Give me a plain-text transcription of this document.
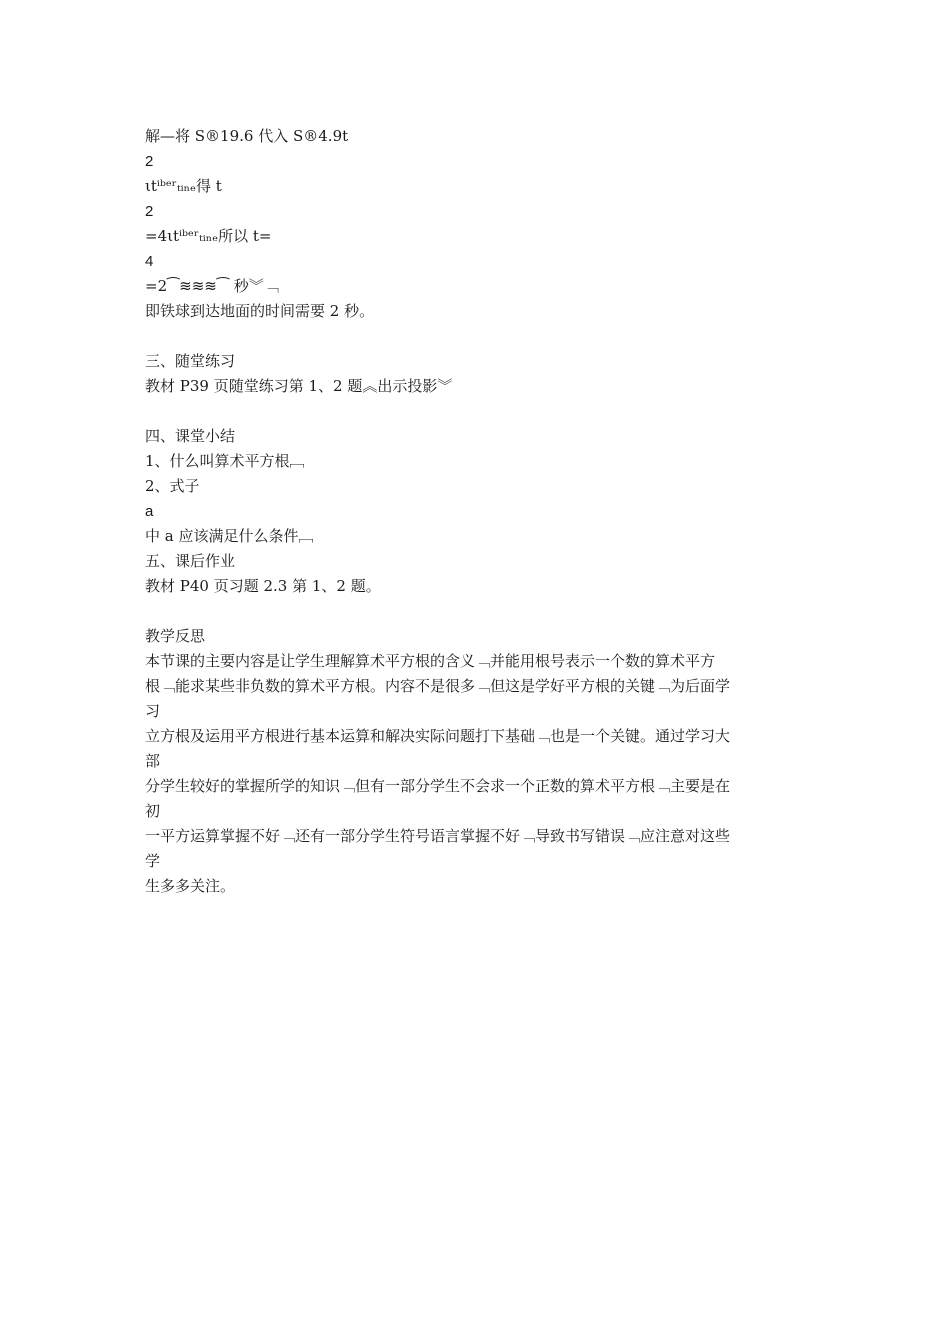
解—将 S®19.6 代入 S®4.9t
2
ιtⁱᵇᵉʳₜᵢₙₑ得 t
2
=4ιtⁱᵇᵉʳₜᵢₙₑ所以 t=
4
=2⁀≋≋≋⁀ 秒︾﹁
即铁球到达地面的时间需要 2 秒。
三、随堂练习
教材 P39 页随堂练习第 1、2 题︽出示投影︾
四、课堂小结
1、什么叫算术平方根﹇
2、式子
a
中 a 应该满足什么条件﹇
五、课后作业
教材 P40 页习题 2.3 第 1、2 题。
教学反思
本节课的主要内容是让学生理解算术平方根的含义﹁并能用根号表示一个数的算术平方
根﹁能求某些非负数的算术平方根。内容不是很多﹁但这是学好平方根的关键﹁为后面学
习
立方根及运用平方根进行基本运算和解决实际问题打下基础﹁也是一个关键。通过学习大
部
分学生较好的掌握所学的知识﹁但有一部分学生不会求一个正数的算术平方根﹁主要是在
初
一平方运算掌握不好﹁还有一部分学生符号语言掌握不好﹁导致书写错误﹁应注意对这些
学
生多多关注。
